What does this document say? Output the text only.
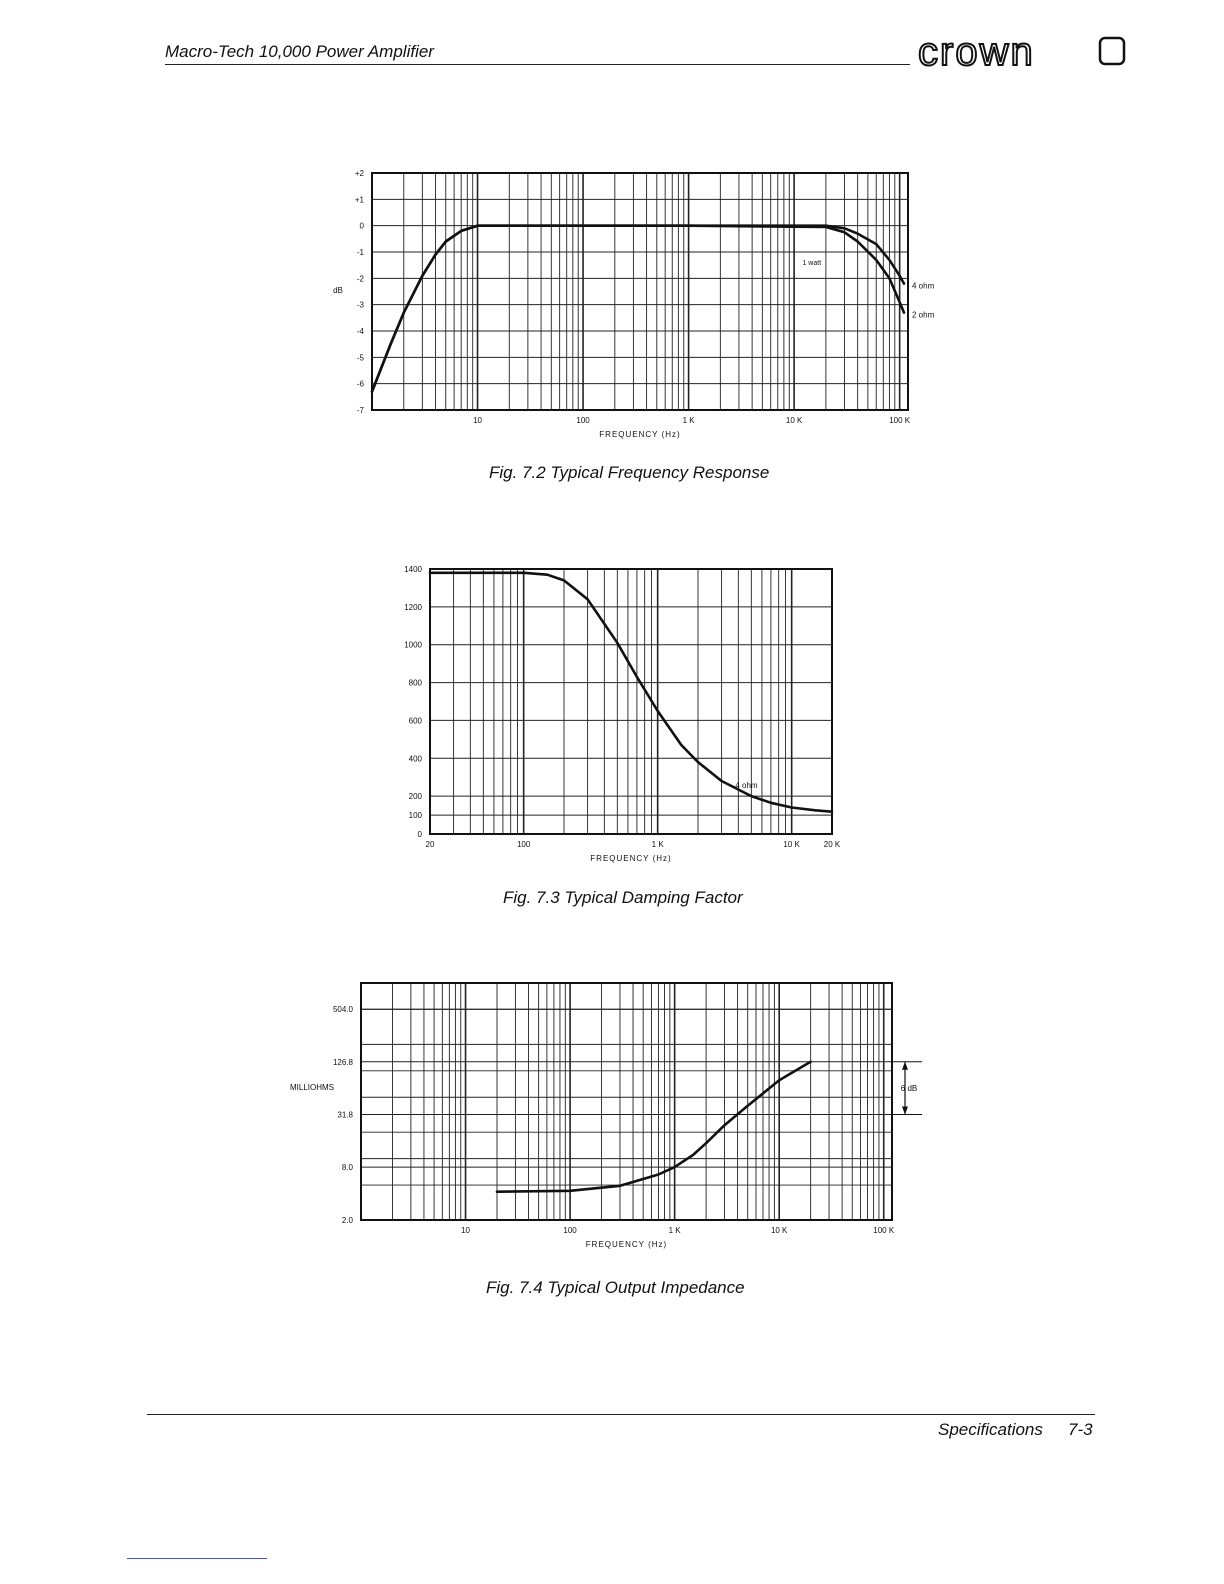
Macro-Tech 10,000 Power Amplifier	crown
+2
+1
0
-1
-2
-3
-4
-5
-6
-7
10	100	1 K	10 K	100 K
FREQUENCY (Hz)
dB	4 ohm
2 ohm
1 watt
Fig. 7.2 Typical Frequency Response
0
100
200
400
600
800
1000
1200
1400
20	100	1 K	10 K	20 K
FREQUENCY (Hz)
4 ohm
Fig. 7.3 Typical Damping Factor
2.0
8.0
31.8
126.8
504.0
10	100	1 K	10 K	100 K
FREQUENCY (Hz)
MILLIOHMS	6 dB
Fig. 7.4 Typical Output Impedance
Specifications 7-3
